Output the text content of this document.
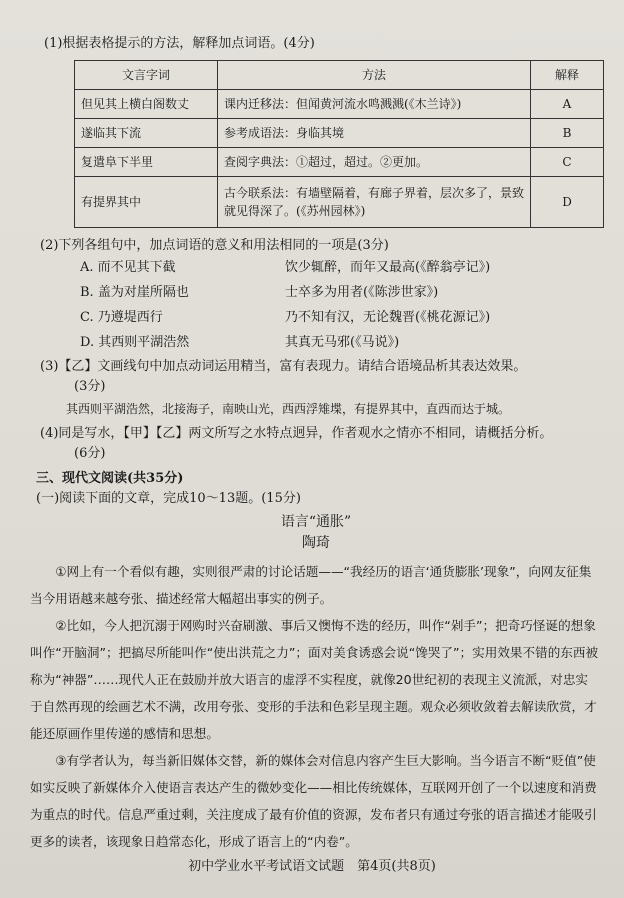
(1)根据表格提示的方法，解释加点词语。(4分)
文言字词	方法	解释
但见其上横白阁数丈	课内迁移法：但闻黄河流水鸣溅溅(《木兰诗》)	A
遂临其下流	参考成语法：身临其境	B
复遣阜下半里	查阅字典法：①超过，超过。②更加。	C
有提界其中	古今联系法：有墙壁隔着，有廊子界着，层次多了，景致就见得深了。(《苏州园林》)	D
(2)下列各组句中，加点词语的意义和用法相同的一项是(3分)
A. 而不见其下截	饮少辄醉，而年又最高(《醉翁亭记》)
B. 盖为对崖所隔也	士卒多为用者(《陈涉世家》)
C. 乃遵堤西行	乃不知有汉，无论魏晋(《桃花源记》)
D. 其西则平湖浩然	其真无马邪(《马说》)
(3)【乙】文画线句中加点动词运用精当，富有表现力。请结合语境品析其表达效果。
(3分)
其西则平湖浩然，北接海子，南映山光，西西浮雉堞，有提界其中，直西而达于城。
(4)同是写水，【甲】【乙】两文所写之水特点迥异，作者观水之情亦不相同，请概括分析。
(6分)
三、现代文阅读(共35分)
(一)阅读下面的文章，完成10～13题。(15分)
语言“通胀”
陶琦
①网上有一个看似有趣，实则很严肃的讨论话题——“我经历的语言‘通货膨胀’现象”，向网友征集当今用语越来越夸张、描述经常大幅超出事实的例子。
②比如，今人把沉溺于网购时兴奋刷激、事后又懊悔不迭的经历，叫作“剁手”；把奇巧怪诞的想象叫作“开脑洞”；把搞尽所能叫作“使出洪荒之力”；面对美食诱惑会说“馋哭了”；实用效果不错的东西被称为“神器”……现代人正在鼓励并放大语言的虚浮不实程度，就像20世纪初的表现主义流派，对忠实于自然再现的绘画艺术不满，改用夸张、变形的手法和色彩呈现主题。观众必须收敛着去解读欣赏，才能还原画作里传递的感情和思想。
③有学者认为，每当新旧媒体交替，新的媒体会对信息内容产生巨大影响。当今语言不断“贬值”使如实反映了新媒体介入使语言表达产生的微妙变化——相比传统媒体，互联网开创了一个以速度和消费为重点的时代。信息严重过剩，关注度成了最有价值的资源，发布者只有通过夸张的语言描述才能吸引更多的读者，该现象日趋常态化，形成了语言上的“内卷”。
初中学业水平考试语文试题　第4页(共8页)
